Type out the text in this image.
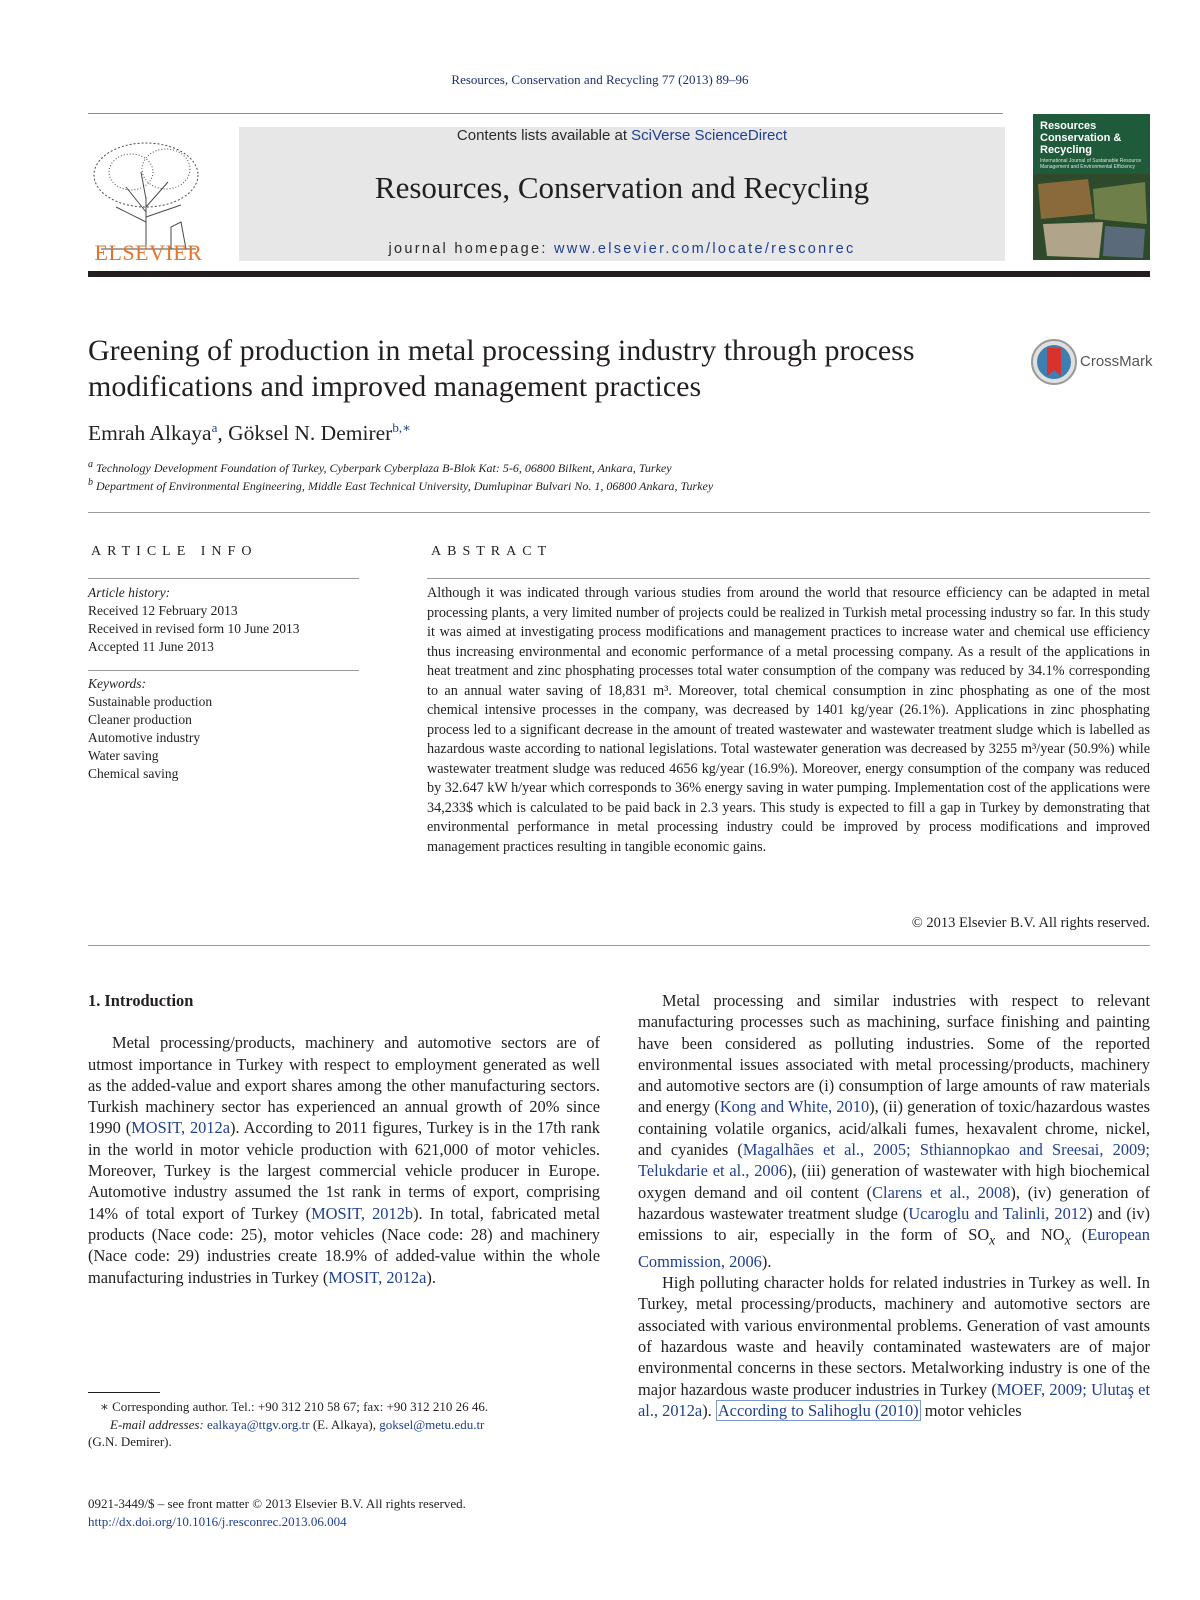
Resources, Conservation and Recycling 77 (2013) 89–96
ELSEVIER
Contents lists available at SciVerse ScienceDirect
Resources, Conservation and Recycling
journal homepage: www.elsevier.com/locate/resconrec
Resources Conservation & Recycling
International Journal of Sustainable Resource Management and Environmental Efficiency
Greening of production in metal processing industry through process modifications and improved management practices
CrossMark
Emrah Alkaya$^a$, Göksel N. Demirer$^{b,∗}$
$^a$ Technology Development Foundation of Turkey, Cyberpark Cyberplaza B-Blok Kat: 5-6, 06800 Bilkent, Ankara, Turkey
$^b$ Department of Environmental Engineering, Middle East Technical University, Dumlupinar Bulvari No. 1, 06800 Ankara, Turkey
ARTICLE INFO	ABSTRACT
Article history:
Received 12 February 2013
Received in revised form 10 June 2013
Accepted 11 June 2013
Keywords:
Sustainable production
Cleaner production
Automotive industry
Water saving
Chemical saving
Although it was indicated through various studies from around the world that resource efficiency can be adapted in metal processing plants, a very limited number of projects could be realized in Turkish metal processing industry so far. In this study it was aimed at investigating process modifications and management practices to increase water and chemical use efficiency thus increasing environmental and economic performance of a metal processing company. As a result of the applications in heat treatment and zinc phosphating processes total water consumption of the company was reduced by 34.1% corresponding to an annual water saving of 18,831 m³. Moreover, total chemical consumption in zinc phosphating as one of the most chemical intensive processes in the company, was decreased by 1401 kg/year (26.1%). Applications in zinc phosphating process led to a significant decrease in the amount of treated wastewater and wastewater treatment sludge which is labelled as hazardous waste according to national legislations. Total wastewater generation was decreased by 3255 m³/year (50.9%) while wastewater treatment sludge was reduced 4656 kg/year (16.9%). Moreover, energy consumption of the company was reduced by 32.647 kW h/year which corresponds to 36% energy saving in water pumping. Implementation cost of the applications were 34,233$ which is calculated to be paid back in 2.3 years. This study is expected to fill a gap in Turkey by demonstrating that environmental performance in metal processing industry could be improved by process modifications and improved management practices resulting in tangible economic gains.
© 2013 Elsevier B.V. All rights reserved.
1. Introduction

Metal processing/products, machinery and automotive sectors are of utmost importance in Turkey with respect to employment generated as well as the added-value and export shares among the other manufacturing sectors. Turkish machinery sector has experienced an annual growth of 20% since 1990 (MOSIT, 2012a). According to 2011 figures, Turkey is in the 17th rank in the world in motor vehicle production with 621,000 of motor vehicles. Moreover, Turkey is the largest commercial vehicle producer in Europe. Automotive industry assumed the 1st rank in terms of export, comprising 14% of total export of Turkey (MOSIT, 2012b). In total, fabricated metal products (Nace code: 25), motor vehicles (Nace code: 28) and machinery (Nace code: 29) industries create 18.9% of added-value within the whole manufacturing industries in Turkey (MOSIT, 2012a).

Metal processing and similar industries with respect to relevant manufacturing processes such as machining, surface finishing and painting have been considered as polluting industries. Some of the reported environmental issues associated with metal processing/products, machinery and automotive sectors are (i) consumption of large amounts of raw materials and energy (Kong and White, 2010), (ii) generation of toxic/hazardous wastes containing volatile organics, acid/alkali fumes, hexavalent chrome, nickel, and cyanides (Magalhães et al., 2005; Sthiannopkao and Sreesai, 2009; Telukdarie et al., 2006), (iii) generation of wastewater with high biochemical oxygen demand and oil content (Clarens et al., 2008), (iv) generation of hazardous wastewater treatment sludge (Ucaroglu and Talinli, 2012) and (iv) emissions to air, especially in the form of $SO_x$ and $NO_x$ (European Commission, 2006).

High polluting character holds for related industries in Turkey as well. In Turkey, metal processing/products, machinery and automotive sectors are associated with various environmental problems. Generation of vast amounts of hazardous waste and heavily contaminated wastewaters are of major environmental concerns in these sectors. Metalworking industry is one of the major hazardous waste producer industries in Turkey (MOEF, 2009; Ulutaş et al., 2012a). According to Salihoglu (2010) motor vehicles

∗ Corresponding author. Tel.: +90 312 210 58 67; fax: +90 312 210 26 46.
E-mail addresses: ealkaya@ttgv.org.tr (E. Alkaya), goksel@metu.edu.tr
(G.N. Demirer).
0921-3449/$ – see front matter © 2013 Elsevier B.V. All rights reserved.
http://dx.doi.org/10.1016/j.resconrec.2013.06.004
